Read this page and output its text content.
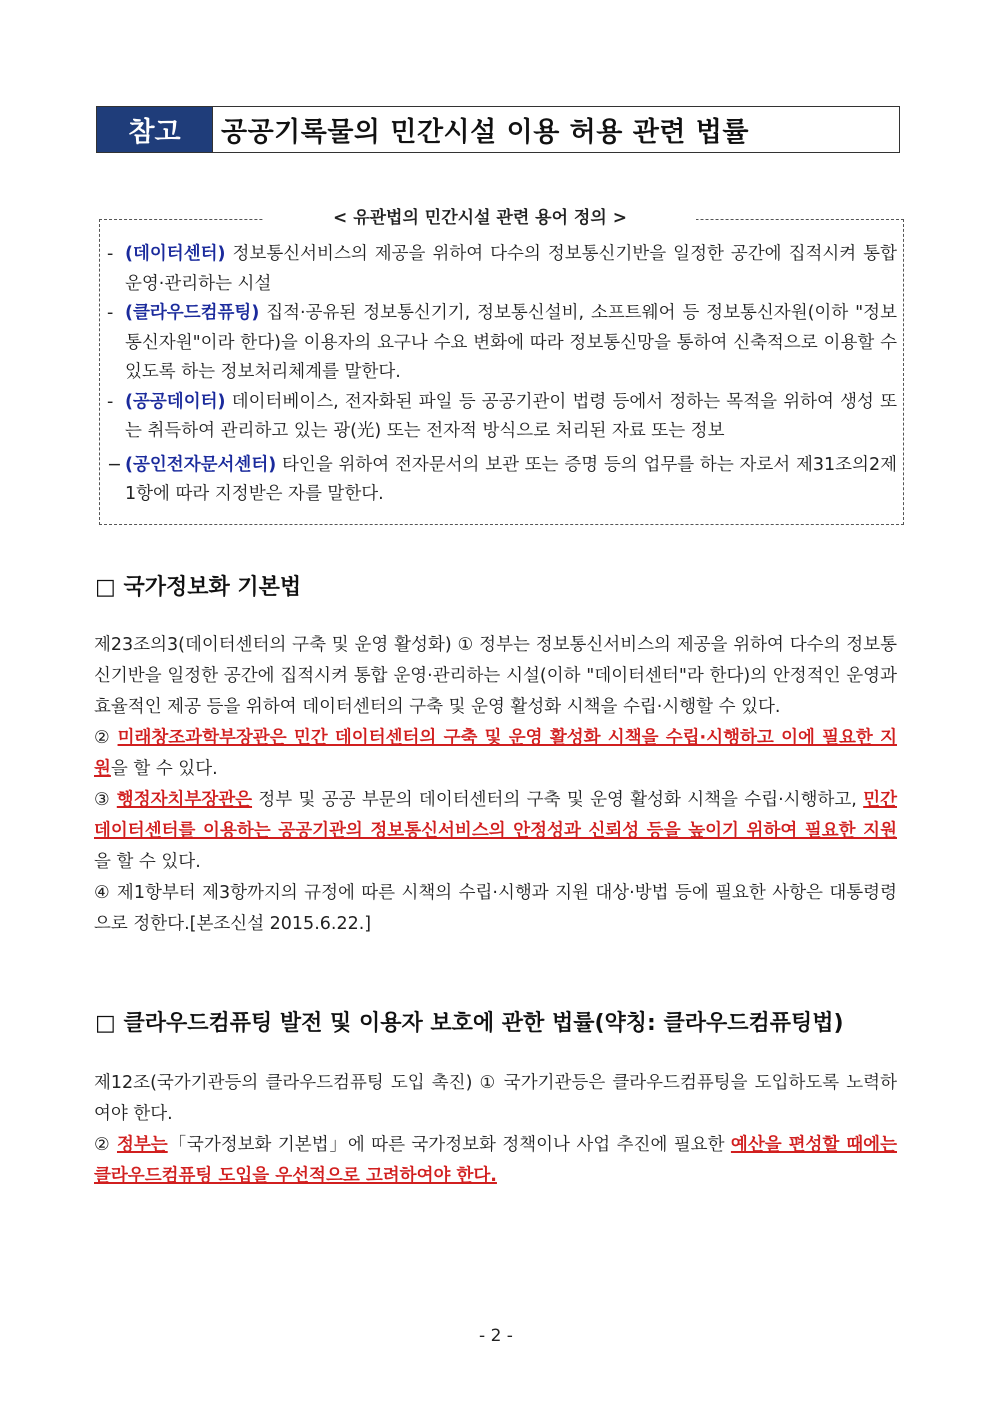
참고	공공기록물의 민간시설 이용 허용 관련 법률
< 유관법의 민간시설 관련 용어 정의 >
- (데이터센터) 정보통신서비스의 제공을 위하여 다수의 정보통신기반을 일정한 공간에 집적시켜 통합 운영·관리하는 시설
- (클라우드컴퓨팅) 집적·공유된 정보통신기기, 정보통신설비, 소프트웨어 등 정보통신자원(이하 "정보통신자원"이라 한다)을 이용자의 요구나 수요 변화에 따라 정보통신망을 통하여 신축적으로 이용할 수 있도록 하는 정보처리체계를 말한다.
- (공공데이터) 데이터베이스, 전자화된 파일 등 공공기관이 법령 등에서 정하는 목적을 위하여 생성 또는 취득하여 관리하고 있는 광(光) 또는 전자적 방식으로 처리된 자료 또는 정보
− (공인전자문서센터) 타인을 위하여 전자문서의 보관 또는 증명 등의 업무를 하는 자로서 제31조의2제1항에 따라 지정받은 자를 말한다.
□ 국가정보화 기본법

제23조의3(데이터센터의 구축 및 운영 활성화) ① 정부는 정보통신서비스의 제공을 위하여 다수의 정보통신기반을 일정한 공간에 집적시켜 통합 운영·관리하는 시설(이하 "데이터센터"라 한다)의 안정적인 운영과 효율적인 제공 등을 위하여 데이터센터의 구축 및 운영 활성화 시책을 수립·시행할 수 있다.

② 미래창조과학부장관은 민간 데이터센터의 구축 및 운영 활성화 시책을 수립·시행하고 이에 필요한 지원을 할 수 있다.

③ 행정자치부장관은 정부 및 공공 부문의 데이터센터의 구축 및 운영 활성화 시책을 수립·시행하고, 민간 데이터센터를 이용하는 공공기관의 정보통신서비스의 안정성과 신뢰성 등을 높이기 위하여 필요한 지원을 할 수 있다.

④ 제1항부터 제3항까지의 규정에 따른 시책의 수립·시행과 지원 대상·방법 등에 필요한 사항은 대통령령으로 정한다.[본조신설 2015.6.22.]

□ 클라우드컴퓨팅 발전 및 이용자 보호에 관한 법률(약칭: 클라우드컴퓨팅법)

제12조(국가기관등의 클라우드컴퓨팅 도입 촉진) ① 국가기관등은 클라우드컴퓨팅을 도입하도록 노력하여야 한다.

② 정부는「국가정보화 기본법」에 따른 국가정보화 정책이나 사업 추진에 필요한 예산을 편성할 때에는 클라우드컴퓨팅 도입을 우선적으로 고려하여야 한다.

- 2 -
